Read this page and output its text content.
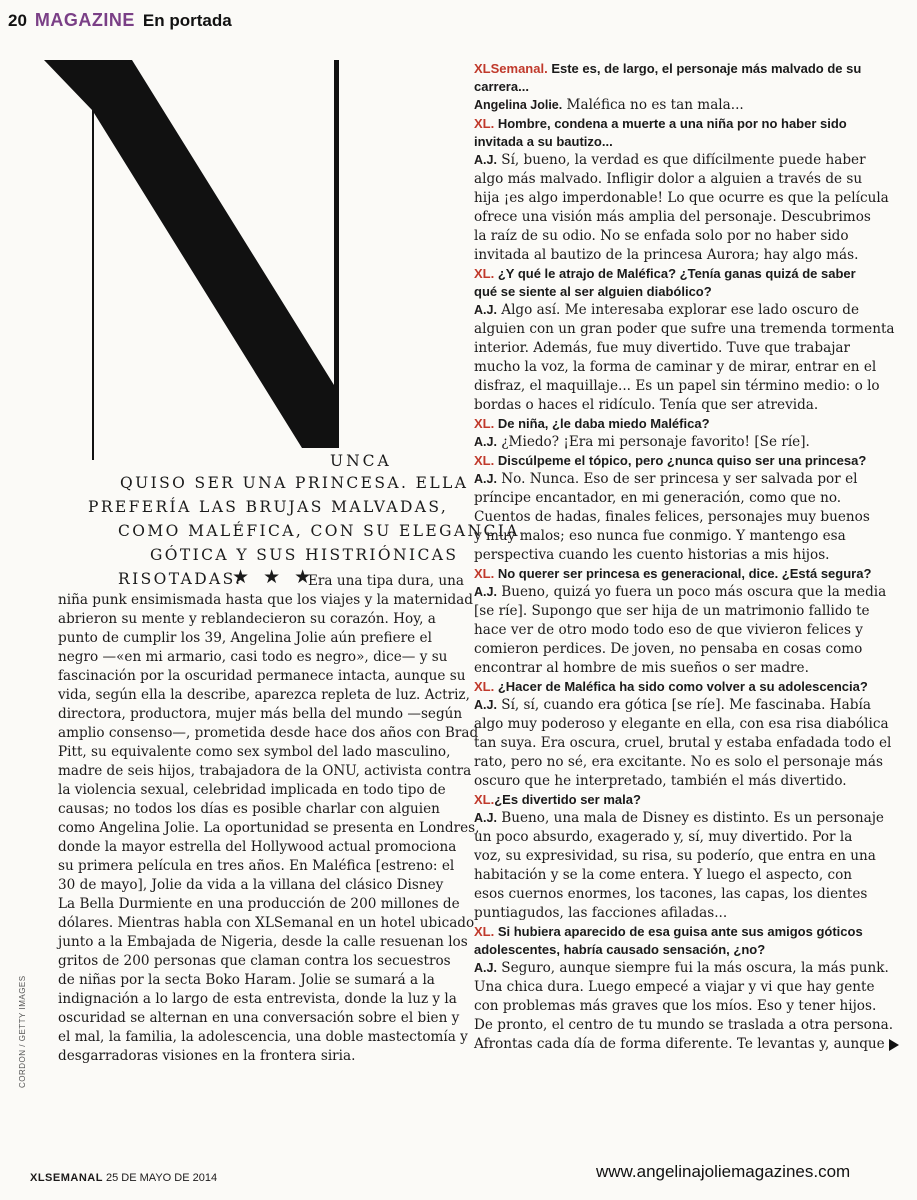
20 MAGAZINE En portada
UNCA
QUISO SER UNA PRINCESA. ELLA
PREFERÍA LAS BRUJAS MALVADAS,
COMO MALÉFICA, CON SU ELEGANCIA
GÓTICA Y SUS HISTRIÓNICAS
RISOTADAS.
★ ★ ★
Era una tipa dura, una
niña punk ensimismada hasta que los viajes y la maternidad
abrieron su mente y reblandecieron su corazón. Hoy, a
punto de cumplir los 39, Angelina Jolie aún prefiere el
negro —«en mi armario, casi todo es negro», dice— y su
fascinación por la oscuridad permanece intacta, aunque su
vida, según ella la describe, aparezca repleta de luz. Actriz,
directora, productora, mujer más bella del mundo —según
amplio consenso—, prometida desde hace dos años con Brad
Pitt, su equivalente como sex symbol del lado masculino,
madre de seis hijos, trabajadora de la ONU, activista contra
la violencia sexual, celebridad implicada en todo tipo de
causas; no todos los días es posible charlar con alguien
como Angelina Jolie. La oportunidad se presenta en Londres,
donde la mayor estrella del Hollywood actual promociona
su primera película en tres años. En Maléfica [estreno: el
30 de mayo], Jolie da vida a la villana del clásico Disney
La Bella Durmiente en una producción de 200 millones de
dólares. Mientras habla con XLSemanal en un hotel ubicado
junto a la Embajada de Nigeria, desde la calle resuenan los
gritos de 200 personas que claman contra los secuestros
de niñas por la secta Boko Haram. Jolie se sumará a la
indignación a lo largo de esta entrevista, donde la luz y la
oscuridad se alternan en una conversación sobre el bien y
el mal, la familia, la adolescencia, una doble mastectomía y
desgarradoras visiones en la frontera siria.
CORDON / GETTY IMAGES
XLSemanal. Este es, de largo, el personaje más malvado de su
carrera...
Angelina Jolie. Maléfica no es tan mala...
XL. Hombre, condena a muerte a una niña por no haber sido
invitada a su bautizo...
A.J. Sí, bueno, la verdad es que difícilmente puede haber
algo más malvado. Infligir dolor a alguien a través de su
hija ¡es algo imperdonable! Lo que ocurre es que la película
ofrece una visión más amplia del personaje. Descubrimos
la raíz de su odio. No se enfada solo por no haber sido
invitada al bautizo de la princesa Aurora; hay algo más.
XL. ¿Y qué le atrajo de Maléfica? ¿Tenía ganas quizá de saber
qué se siente al ser alguien diabólico?
A.J. Algo así. Me interesaba explorar ese lado oscuro de
alguien con un gran poder que sufre una tremenda tormenta
interior. Además, fue muy divertido. Tuve que trabajar
mucho la voz, la forma de caminar y de mirar, entrar en el
disfraz, el maquillaje... Es un papel sin término medio: o lo
bordas o haces el ridículo. Tenía que ser atrevida.
XL. De niña, ¿le daba miedo Maléfica?
A.J. ¿Miedo? ¡Era mi personaje favorito! [Se ríe].
XL. Discúlpeme el tópico, pero ¿nunca quiso ser una princesa?
A.J. No. Nunca. Eso de ser princesa y ser salvada por el
príncipe encantador, en mi generación, como que no.
Cuentos de hadas, finales felices, personajes muy buenos
y muy malos; eso nunca fue conmigo. Y mantengo esa
perspectiva cuando les cuento historias a mis hijos.
XL. No querer ser princesa es generacional, dice. ¿Está segura?
A.J. Bueno, quizá yo fuera un poco más oscura que la media
[se ríe]. Supongo que ser hija de un matrimonio fallido te
hace ver de otro modo todo eso de que vivieron felices y
comieron perdices. De joven, no pensaba en cosas como
encontrar al hombre de mis sueños o ser madre.
XL. ¿Hacer de Maléfica ha sido como volver a su adolescencia?
A.J. Sí, sí, cuando era gótica [se ríe]. Me fascinaba. Había
algo muy poderoso y elegante en ella, con esa risa diabólica
tan suya. Era oscura, cruel, brutal y estaba enfadada todo el
rato, pero no sé, era excitante. No es solo el personaje más
oscuro que he interpretado, también el más divertido.
XL.¿Es divertido ser mala?
A.J. Bueno, una mala de Disney es distinto. Es un personaje
un poco absurdo, exagerado y, sí, muy divertido. Por la
voz, su expresividad, su risa, su poderío, que entra en una
habitación y se la come entera. Y luego el aspecto, con
esos cuernos enormes, los tacones, las capas, los dientes
puntiagudos, las facciones afiladas...
XL. Si hubiera aparecido de esa guisa ante sus amigos góticos
adolescentes, habría causado sensación, ¿no?
A.J. Seguro, aunque siempre fui la más oscura, la más punk.
Una chica dura. Luego empecé a viajar y vi que hay gente
con problemas más graves que los míos. Eso y tener hijos.
De pronto, el centro de tu mundo se traslada a otra persona.
Afrontas cada día de forma diferente. Te levantas y, aunque
XLSEMANAL 25 DE MAYO DE 2014	www.angelinajoliemagazines.com
